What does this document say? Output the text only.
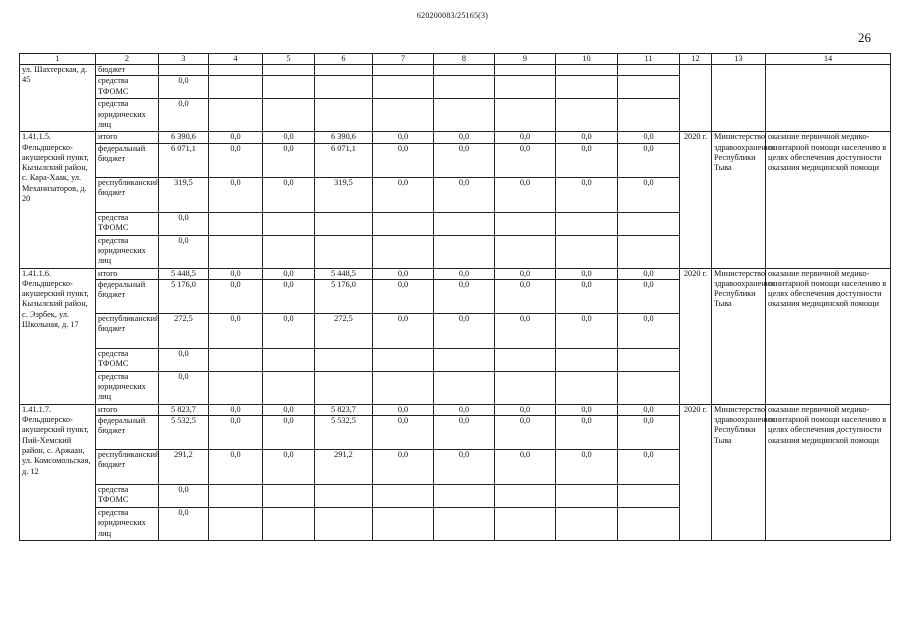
620200083/25165(3)
26
1	2	3	4	5	6	7	8	9	10	11	12	13	14
ул. Шахтерская, д. 45	бюджет												
	средства ТФОМС	0,0											
	средства юридических лиц	0,0											
1.41.1.5. Фельдшерско-акушерский пункт, Кызылский район, с. Кара-Хаак, ул. Механизаторов, д. 20	итого	6 390,6	0,0	0,0	6 390,6	0,0	0,0	0,0	0,0	0,0	2020 г.	Министерство здравоохранения Республики Тыва	оказание первичной медико-санитарной помощи населению в целях обеспечения доступности оказания медицинской помощи
	федеральный бюджет	6 071,1	0,0	0,0	6 071,1	0,0	0,0	0,0	0,0	0,0			
	республиканский бюджет	319,5	0,0	0,0	319,5	0,0	0,0	0,0	0,0	0,0			
	средства ТФОМС	0,0											
	средства юридических лиц	0,0											
1.41.1.6. Фельдшерско-акушерский пункт, Кызылский район, с. Ээрбек, ул. Школьная, д. 17	итого	5 448,5	0,0	0,0	5 448,5	0,0	0,0	0,0	0,0	0,0	2020 г.	Министерство здравоохранения Республики Тыва	оказание первичной медико-санитарной помощи населению в целях обеспечения доступности оказания медицинской помощи
	федеральный бюджет	5 176,0	0,0	0,0	5 176,0	0,0	0,0	0,0	0,0	0,0			
	республиканский бюджет	272,5	0,0	0,0	272,5	0,0	0,0	0,0	0,0	0,0			
	средства ТФОМС	0,0											
	средства юридических лиц	0,0											
1.41.1.7. Фельдшерско-акушерский пункт, Пий-Хемский район, с. Аржаан, ул. Комсомольская, д. 12	итого	5 823,7	0,0	0,0	5 823,7	0,0	0,0	0,0	0,0	0,0	2020 г.	Министерство здравоохранения Республики Тыва	оказание первичной медико-санитарной помощи населению в целях обеспечения доступности оказания медицинской помощи
	федеральный бюджет	5 532,5	0,0	0,0	5 532,5	0,0	0,0	0,0	0,0	0,0			
	республиканский бюджет	291,2	0,0	0,0	291,2	0,0	0,0	0,0	0,0	0,0			
	средства ТФОМС	0,0											
	средства юридических лиц	0,0											
